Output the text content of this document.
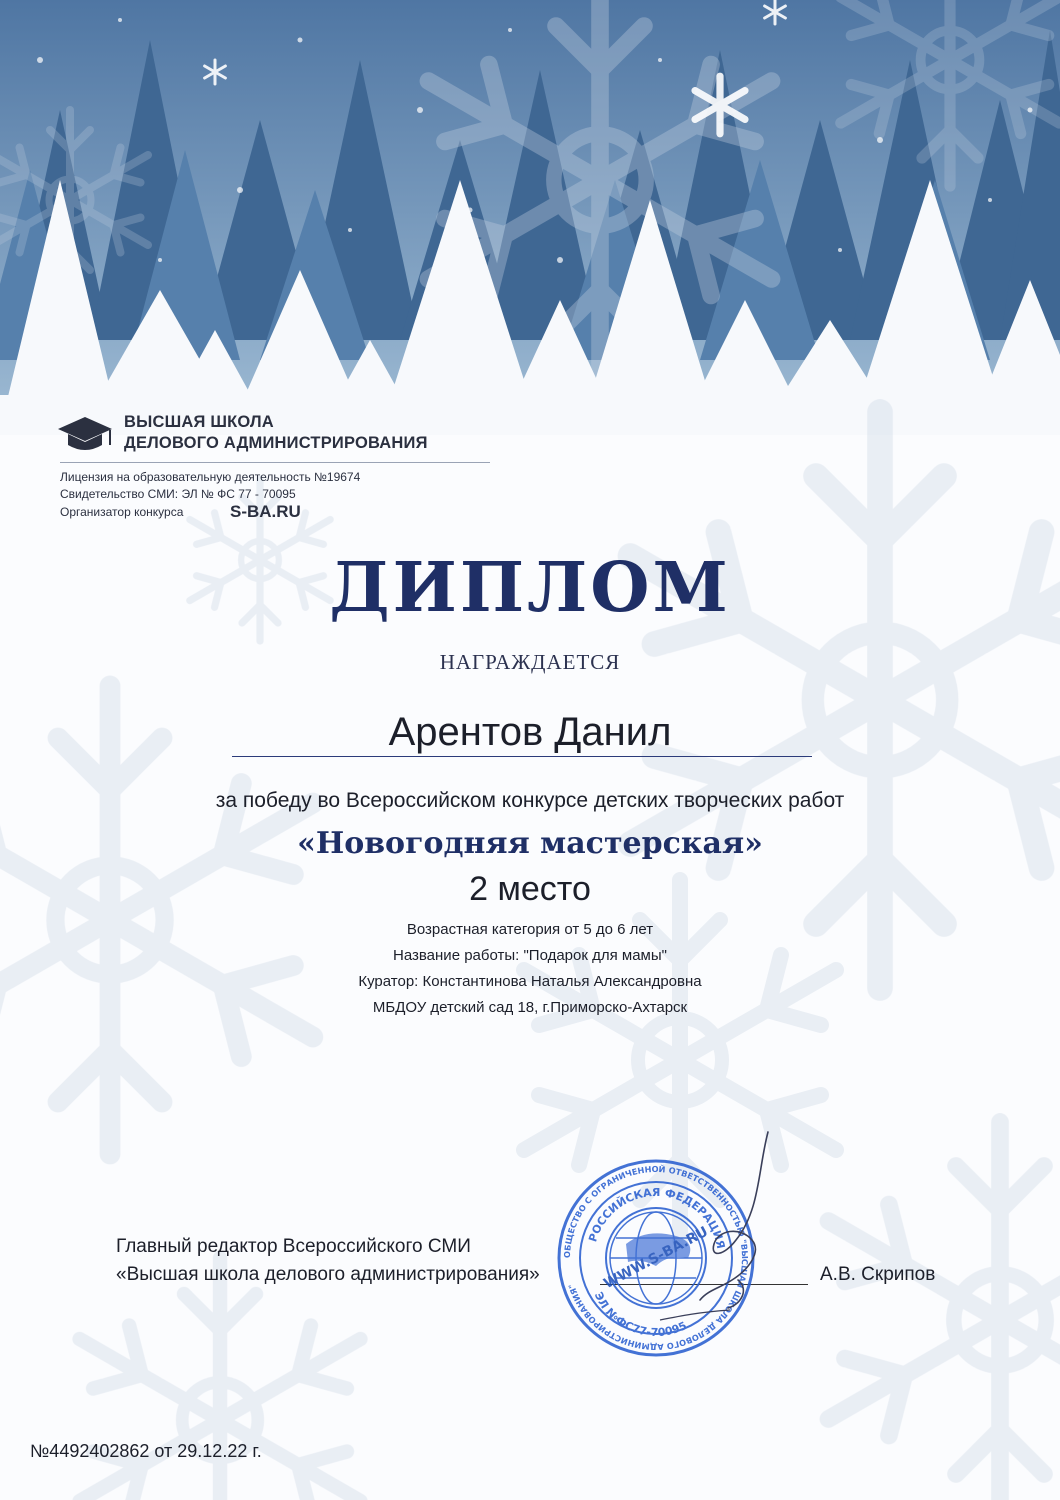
ВЫСШАЯ ШКОЛА
ДЕЛОВОГО АДМИНИСТРИРОВАНИЯ
Лицензия на образовательную деятельность №19674
Свидетельство СМИ: ЭЛ № ФС 77 - 70095
Организатор конкурса	S-BA.RU
ДИПЛОМ
НАГРАЖДАЕТСЯ
Арентов Данил
за победу во Всероссийском конкурсе детских творческих работ
«Новогодняя мастерская»
2 место
Возрастная категория от 5 до 6 лет
Название работы: "Подарок для мамы"
Куратор: Константинова Наталья Александровна
МБДОУ детский сад 18, г.Приморско-Ахтарск
Главный редактор Всероссийского СМИ
«Высшая школа делового администрирования»	А.В. Скрипов
ОБЩЕСТВО С ОГРАНИЧЕННОЙ ОТВЕТСТВЕННОСТЬЮ "ВЫСШАЯ ШКОЛА ДЕЛОВОГО АДМИНИСТРИРОВАНИЯ"
РОССИЙСКАЯ ФЕДЕРАЦИЯ
ЭЛ №ФС77-70095
WWW.S-BA.RU
№4492402862 от 29.12.22 г.
